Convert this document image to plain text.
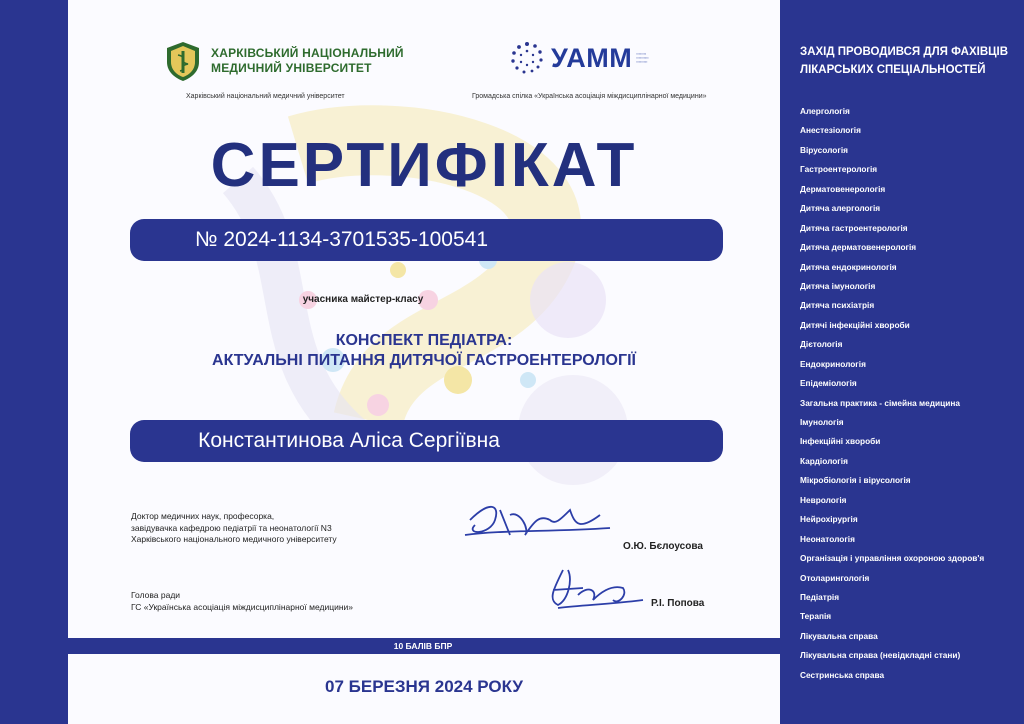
ХАРКІВСЬКИЙ НАЦІОНАЛЬНИЙ
МЕДИЧНИЙ УНІВЕРСИТЕТ	УАММ ▪▪▪▪▪▪▪▪
▪▪▪▪▪▪▪▪▪▪
▪▪▪▪▪▪▪▪▪
Харківський національний медичний університет	Громадська спілка «Українська асоціація міждисциплінарної медицини»
СЕРТИФІКАТ
№ 2024-1134-3701535-100541
учасника майстер-класу
КОНСПЕКТ ПЕДІАТРА:
АКТУАЛЬНІ ПИТАННЯ ДИТЯЧОЇ ГАСТРОЕНТЕРОЛОГІЇ
Константинова Аліса Сергіївна
Доктор медичних наук, професорка,
завідувачка кафедрою педіатрії та неонатології N3
Харківського національного медичного університету
О.Ю. Бєлоусова
Голова ради
ГС «Українська асоціація міждисциплінарної медицини»	Р.І. Попова
07 БЕРЕЗНЯ 2024 РОКУ
10 БАЛІВ БПР
ЗАХІД ПРОВОДИВСЯ ДЛЯ ФАХІВЦІВ
ЛІКАРСЬКИХ СПЕЦІАЛЬНОСТЕЙ
Алергологія
Анестезіологія
Вірусологія
Гастроентерологія
Дерматовенерологія
Дитяча алергологія
Дитяча гастроентерологія
Дитяча дерматовенерологія
Дитяча ендокринологія
Дитяча імунологія
Дитяча психіатрія
Дитячі інфекційні хвороби
Дієтологія
Ендокринологія
Епідеміологія
Загальна практика - сімейна медицина
Імунологія
Інфекційні хвороби
Кардіологія
Мікробіологія і вірусологія
Неврологія
Нейрохірургія
Неонатологія
Організація і управління охороною здоров'я
Отоларингологія
Педіатрія
Терапія
Лікувальна справа
Лікувальна справа (невідкладні стани)
Сестринська справа
